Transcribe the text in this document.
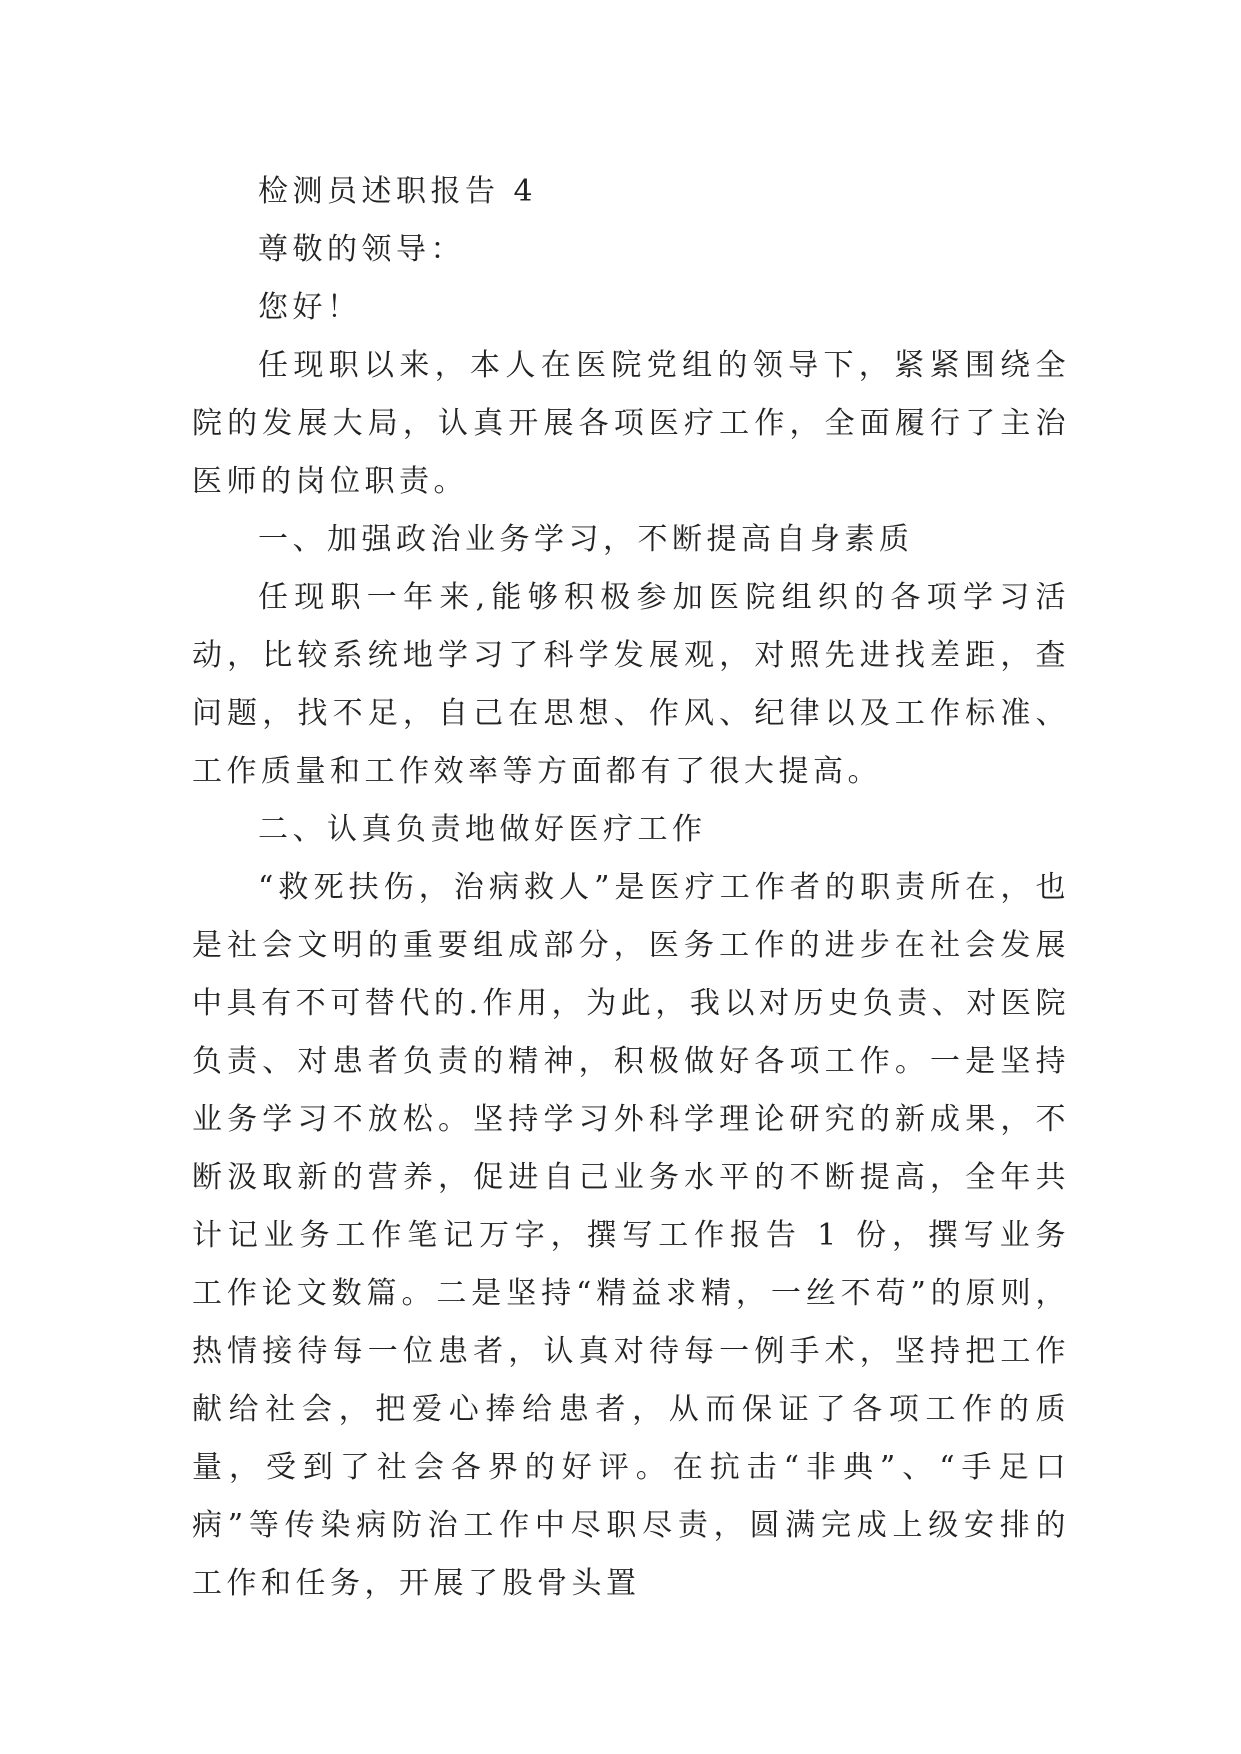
检测员述职报告 4

尊敬的领导：

您好！

任现职以来，本人在医院党组的领导下，紧紧围绕全院的发展大局，认真开展各项医疗工作，全面履行了主治医师的岗位职责。

一、加强政治业务学习，不断提高自身素质

任现职一年来,能够积极参加医院组织的各项学习活动，比较系统地学习了科学发展观，对照先进找差距，查问题，找不足，自己在思想、作风、纪律以及工作标准、工作质量和工作效率等方面都有了很大提高。

二、认真负责地做好医疗工作

“救死扶伤，治病救人”是医疗工作者的职责所在，也是社会文明的重要组成部分，医务工作的进步在社会发展中具有不可替代的.作用，为此，我以对历史负责、对医院负责、对患者负责的精神，积极做好各项工作。一是坚持业务学习不放松。坚持学习外科学理论研究的新成果，不断汲取新的营养，促进自己业务水平的不断提高，全年共计记业务工作笔记万字，撰写工作报告 1 份，撰写业务工作论文数篇。二是坚持“精益求精，一丝不苟”的原则，热情接待每一位患者，认真对待每一例手术，坚持把工作献给社会，把爱心捧给患者，从而保证了各项工作的质量，受到了社会各界的好评。在抗击“非典”、“手足口病”等传染病防治工作中尽职尽责，圆满完成上级安排的工作和任务，开展了股骨头置
